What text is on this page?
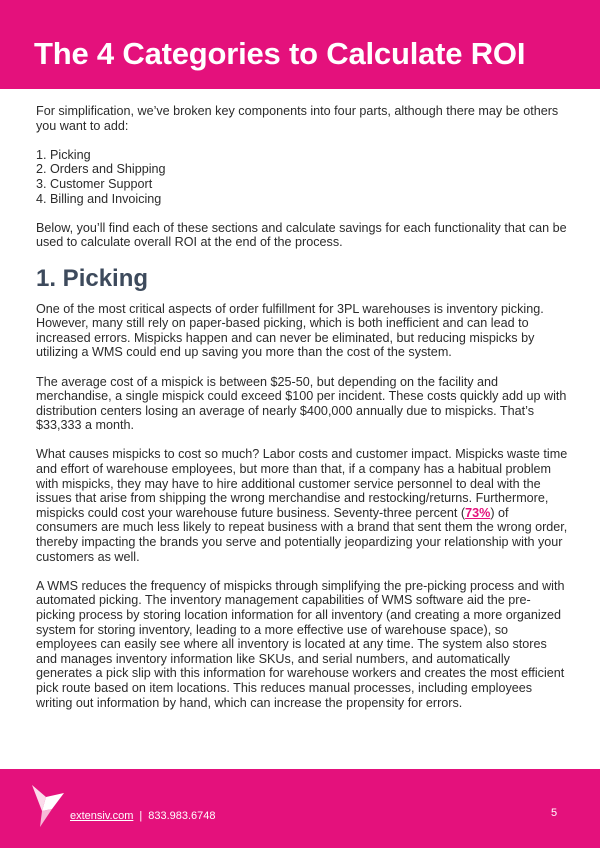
The 4 Categories to Calculate ROI

For simplification, we’ve broken key components into four parts, although there may be others you want to add:

1. Picking
2. Orders and Shipping
3. Customer Support
4. Billing and Invoicing

Below, you’ll find each of these sections and calculate savings for each functionality that can be used to calculate overall ROI at the end of the process.

1. Picking

One of the most critical aspects of order fulfillment for 3PL warehouses is inventory picking. However, many still rely on paper-based picking, which is both inefficient and can lead to increased errors. Mispicks happen and can never be eliminated, but reducing mispicks by utilizing a WMS could end up saving you more than the cost of the system.

The average cost of a mispick is between $25-50, but depending on the facility and merchandise, a single mispick could exceed $100 per incident. These costs quickly add up with distribution centers losing an average of nearly $400,000 annually due to mispicks. That’s $33,333 a month.

What causes mispicks to cost so much? Labor costs and customer impact. Mispicks waste time and effort of warehouse employees, but more than that, if a company has a habitual problem with mispicks, they may have to hire additional customer service personnel to deal with the issues that arise from shipping the wrong merchandise and restocking/returns. Furthermore, mispicks could cost your warehouse future business. Seventy-three percent (73%) of consumers are much less likely to repeat business with a brand that sent them the wrong order, thereby impacting the brands you serve and potentially jeopardizing your relationship with your customers as well.

A WMS reduces the frequency of mispicks through simplifying the pre-picking process and with automated picking. The inventory management capabilities of WMS software aid the pre-picking process by storing location information for all inventory (and creating a more organized system for storing inventory, leading to a more effective use of warehouse space), so employees can easily see where all inventory is located at any time. The system also stores and manages inventory information like SKUs, and serial numbers, and automatically generates a pick slip with this information for warehouse workers and creates the most efficient pick route based on item locations. This reduces manual processes, including employees writing out information by hand, which can increase the propensity for errors.

extensiv.com | 833.983.6748	5
